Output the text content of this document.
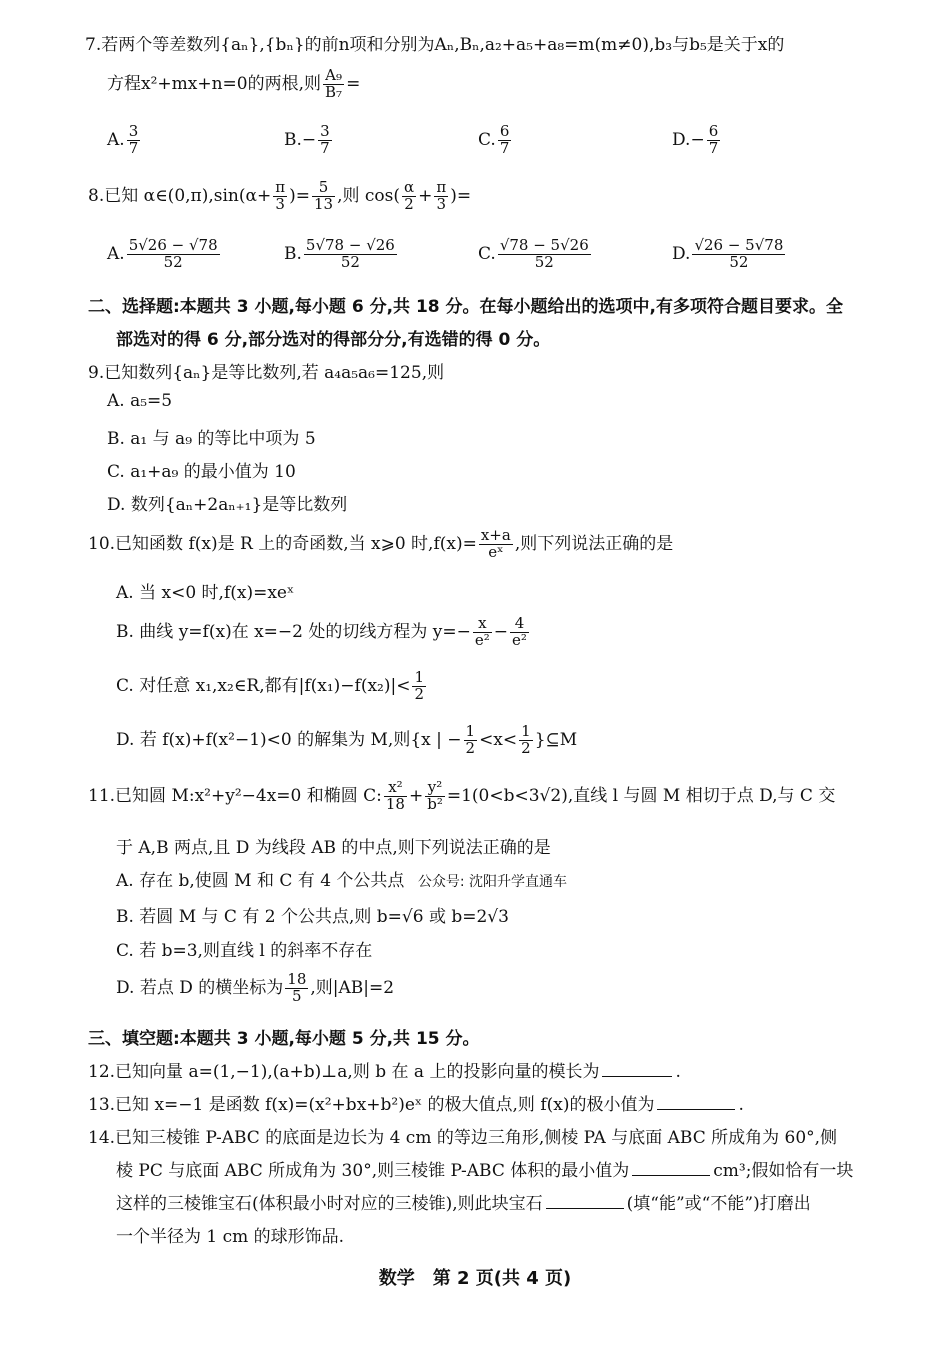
7.若两个等差数列{aₙ},{bₙ}的前n项和分别为Aₙ,Bₙ,a₂+a₅+a₈=m(m≠0),b₃与b₅是关于x的
方程x²+mx+n=0的两根,则 $\frac{\text{A₉}}{\text{B₇}}$ =
A. $\frac{3}{7}$	$B.- \frac{3}{7}$	C. $\frac{6}{7}$	$D.- \frac{6}{7}$
8.已知 α∈(0,π),sin(α+ $\frac{\pi}{3}$ )= $\frac{5}{13}$ ,则 $\cos( \frac{\alpha}{2} + \frac{\pi}{3}$ )=
A. $\frac{5√26 - √78}{52}$	B. $\frac{5√78 - √26}{52}$	C. $\frac{√78 - 5√26}{52}$	D. $\frac{√26 - 5√78}{52}$
二、选择题:本题共 3 小题,每小题 6 分,共 18 分。在每小题给出的选项中,有多项符合题目要求。全
部选对的得 6 分,部分选对的得部分分,有选错的得 0 分。
9.已知数列{aₙ}是等比数列,若 a₄a₅a₆=125,则
A. a₅=5
B. a₁ 与 a₉ 的等比中项为 5
C. a₁+a₉ 的最小值为 10
D. 数列{aₙ+2aₙ₊₁}是等比数列
10.已知函数 f(x)是 R 上的奇函数,当 x⩾0 时$,f(x)= \frac{x+a}{\text{eˣ}}$ ,则下列说法正确的是
A. 当 x<0 时,f(x)=xeˣ
B. 曲线 y=f(x)在 x=−2 处的切线方程为 $y=- \frac{x}{\text{e²}} - \frac{4}{\text{e²}}$
C. 对任意 x₁,x₂∈R,都有$|f(x_1)-f(x_2)|< \frac{1}{2}$
D. 若 f(x)+f(x²−1)<0 的解集为 M,则{x | − $\frac{1}{2} <x< \frac{1}{2}$ }⊆M
11.已知圆 M:x²+y²−4x=0 和椭圆 C: $\frac{\text{x²}}{18} + \frac{\text{y²}}{\text{b²}} =1(0<b<3√2)$,直线 l 与圆 M 相切于点 D,与 C 交
于 A,B 两点,且 D 为线段 AB 的中点,则下列说法正确的是
A. 存在 b,使圆 M 和 C 有 4 个公共点 公众号: 沈阳升学直通车
B. 若圆 M 与 C 有 2 个公共点,则 b=√6 或 b=2√3
C. 若 b=3,则直线 l 的斜率不存在
D. 若点 D 的横坐标为 $\frac{18}{5}$ ,则|AB|=2
三、填空题:本题共 3 小题,每小题 5 分,共 15 分。
12.已知向量 a=(1,−1),(a+b)⊥a,则 b 在 a 上的投影向量的模长为	.
13.已知 x=−1 是函数 f(x)=(x²+bx+b²)eˣ 的极大值点,则 f(x)的极小值为	.
14.已知三棱锥 P-ABC 的底面是边长为 4 cm 的等边三角形,侧棱 PA 与底面 ABC 所成角为 60°,侧
棱 PC 与底面 ABC 所成角为 30°,则三棱锥 P-ABC 体积的最小值为	cm³;假如恰有一块
这样的三棱锥宝石(体积最小时对应的三棱锥),则此块宝石	(填“能”或“不能”)打磨出
一个半径为 1 cm 的球形饰品.
数学　第 2 页(共 4 页)
